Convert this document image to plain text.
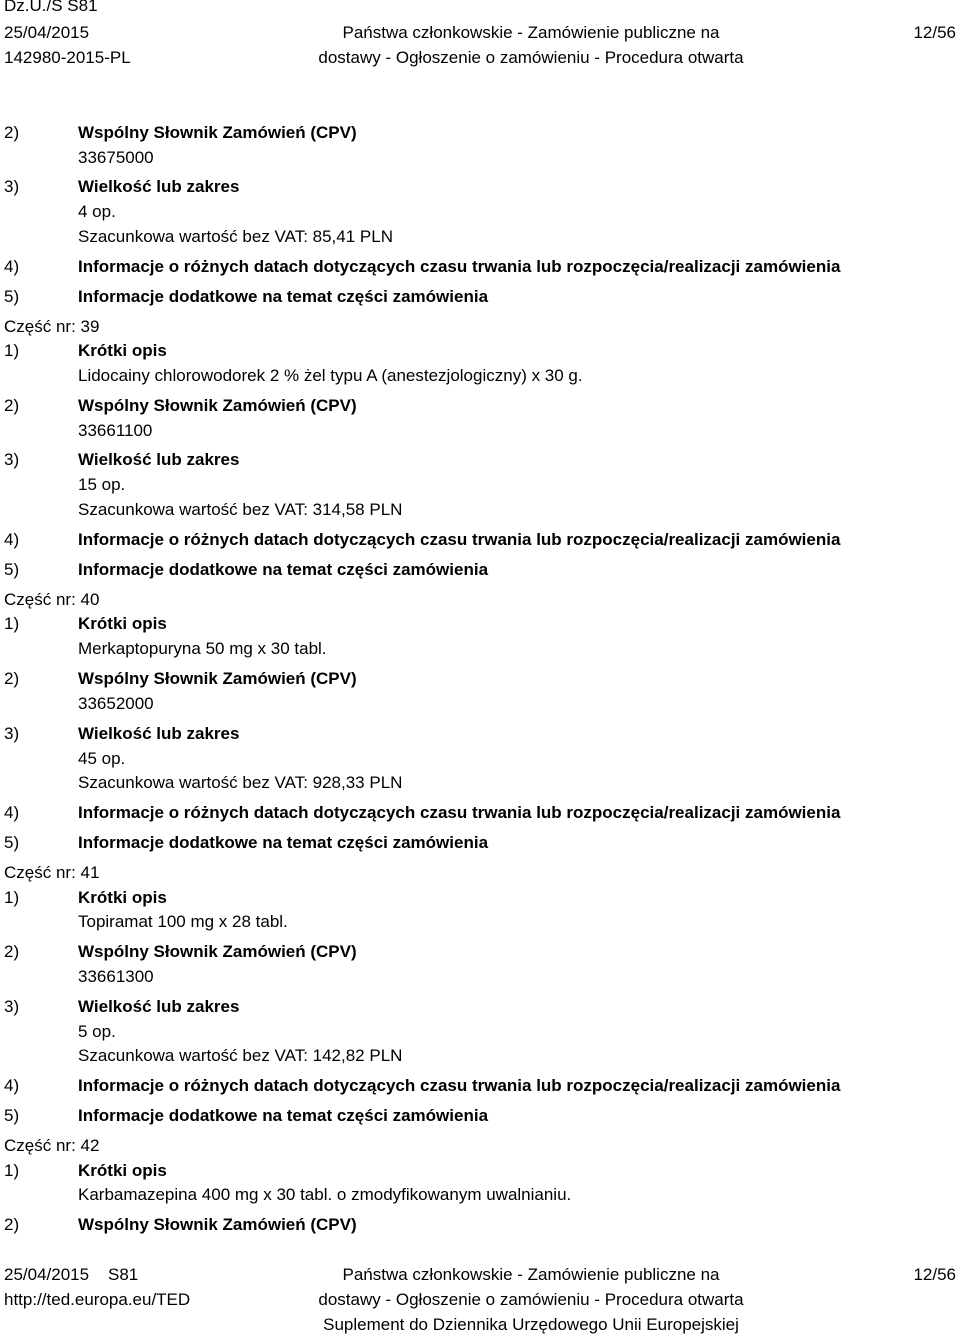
Dz.U./S S81
25/04/2015
142980-2015-PL
Państwa członkowskie - Zamówienie publiczne na
dostawy - Ogłoszenie o zamówieniu - Procedura otwarta
12/56
2)	Wspólny Słownik Zamówień (CPV)
33675000
3)	Wielkość lub zakres
4 op.
Szacunkowa wartość bez VAT: 85,41 PLN
4)	Informacje o różnych datach dotyczących czasu trwania lub rozpoczęcia/realizacji zamówienia
5)	Informacje dodatkowe na temat części zamówienia
Część nr: 39
1)	Krótki opis
Lidocainy chlorowodorek 2 % żel typu A (anestezjologiczny) x 30 g.
2)	Wspólny Słownik Zamówień (CPV)
33661100
3)	Wielkość lub zakres
15 op.
Szacunkowa wartość bez VAT: 314,58 PLN
4)	Informacje o różnych datach dotyczących czasu trwania lub rozpoczęcia/realizacji zamówienia
5)	Informacje dodatkowe na temat części zamówienia
Część nr: 40
1)	Krótki opis
Merkaptopuryna 50 mg x 30 tabl.
2)	Wspólny Słownik Zamówień (CPV)
33652000
3)	Wielkość lub zakres
45 op.
Szacunkowa wartość bez VAT: 928,33 PLN
4)	Informacje o różnych datach dotyczących czasu trwania lub rozpoczęcia/realizacji zamówienia
5)	Informacje dodatkowe na temat części zamówienia
Część nr: 41
1)	Krótki opis
Topiramat 100 mg x 28 tabl.
2)	Wspólny Słownik Zamówień (CPV)
33661300
3)	Wielkość lub zakres
5 op.
Szacunkowa wartość bez VAT: 142,82 PLN
4)	Informacje o różnych datach dotyczących czasu trwania lub rozpoczęcia/realizacji zamówienia
5)	Informacje dodatkowe na temat części zamówienia
Część nr: 42
1)	Krótki opis
Karbamazepina 400 mg x 30 tabl. o zmodyfikowanym uwalnianiu.
2)	Wspólny Słownik Zamówień (CPV)
25/04/2015    S81
http://ted.europa.eu/TED
Państwa członkowskie - Zamówienie publiczne na
dostawy - Ogłoszenie o zamówieniu - Procedura otwarta
Suplement do Dziennika Urzędowego Unii Europejskiej
12/56
